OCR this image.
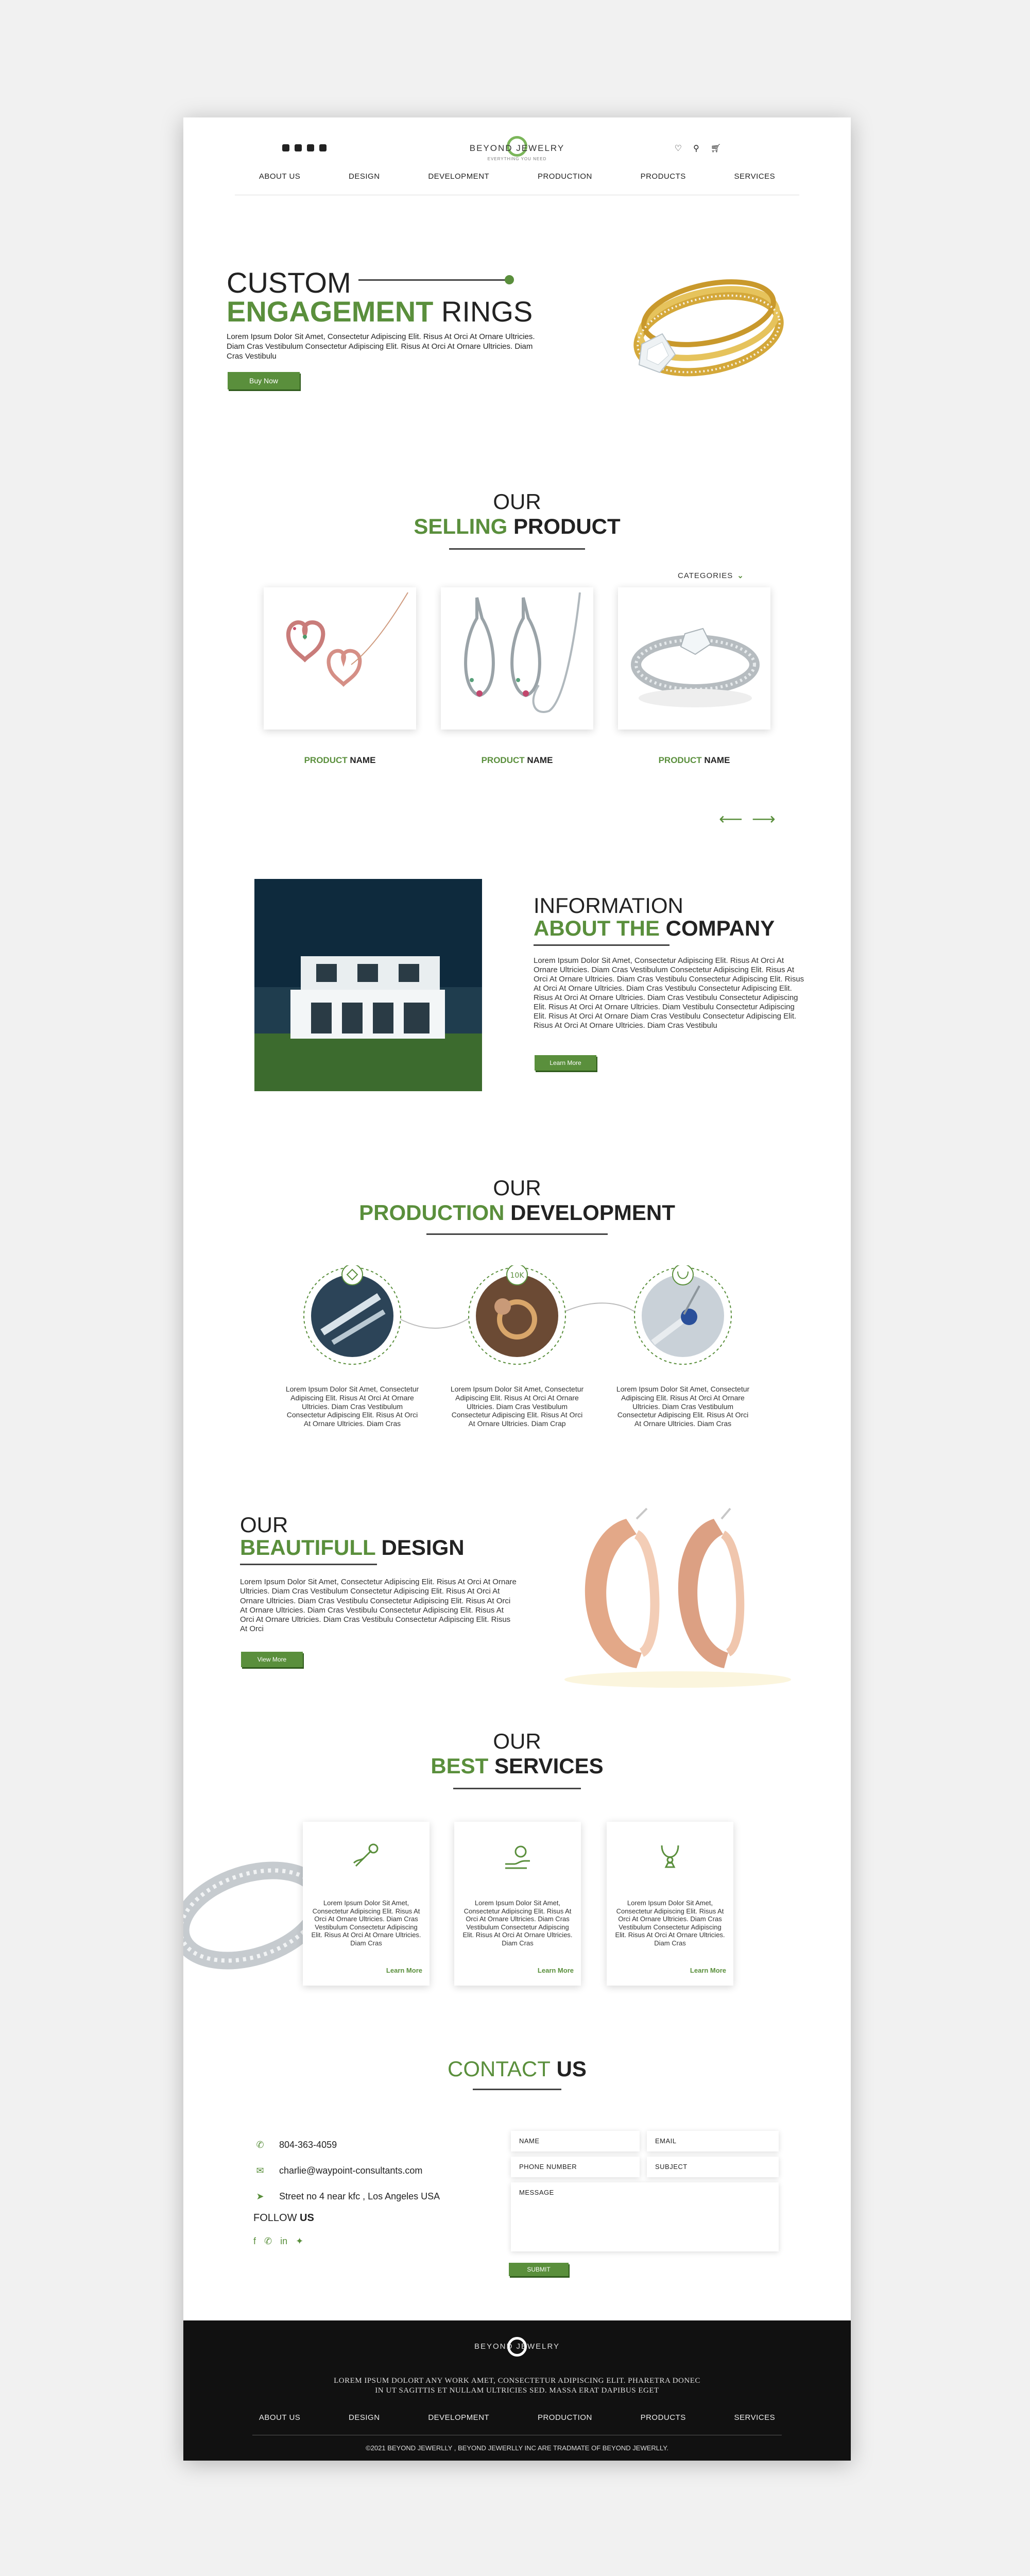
BEYOND JEWELRY
EVERYTHING YOU NEED
♡ ⚲ 🛒︎
ABOUT US	DESIGN	DEVELOPMENT	PRODUCTION	PRODUCTS	SERVICES
CUSTOM
ENGAGEMENT RINGS
Lorem Ipsum Dolor Sit Amet, Consectetur Adipiscing Elit. Risus At Orci At Ornare Ultricies. Diam Cras Vestibulum Consectetur Adipiscing Elit. Risus At Orci At Ornare Ultricies. Diam Cras Vestibulu
Buy Now
OUR
SELLING PRODUCT
CATEGORIES ⌄
PRODUCT NAME	PRODUCT NAME	PRODUCT NAME
⟵ ⟶
INFORMATION
ABOUT THE COMPANY
Lorem Ipsum Dolor Sit Amet, Consectetur Adipiscing Elit. Risus At Orci At Ornare Ultricies. Diam Cras Vestibulum Consectetur Adipiscing Elit. Risus At Orci At Ornare Ultricies. Diam Cras Vestibulu Consectetur Adipiscing Elit. Risus At Orci At Ornare Ultricies. Diam Cras Vestibulu Consectetur Adipiscing Elit. Risus At Orci At Ornare Ultricies. Diam Cras Vestibulu Consectetur Adipiscing Elit. Risus At Orci At Ornare Ultricies. Diam Vestibulu Consectetur Adipiscing Elit. Risus At Orci At Ornare Diam Cras Vestibulu Consectetur Adipiscing Elit. Risus At Orci At Ornare Ultricies. Diam Cras Vestibulu
Learn More
OUR
PRODUCTION DEVELOPMENT
10K
Lorem Ipsum Dolor Sit Amet, Consectetur Adipiscing Elit. Risus At Orci At Ornare Ultricies. Diam Cras Vestibulum Consectetur Adipiscing Elit. Risus At Orci At Ornare Ultricies. Diam Cras
Lorem Ipsum Dolor Sit Amet, Consectetur Adipiscing Elit. Risus At Orci At Ornare Ultricies. Diam Cras Vestibulum Consectetur Adipiscing Elit. Risus At Orci At Ornare Ultricies. Diam Crap
Lorem Ipsum Dolor Sit Amet, Consectetur Adipiscing Elit. Risus At Orci At Ornare Ultricies. Diam Cras Vestibulum Consectetur Adipiscing Elit. Risus At Orci At Ornare Ultricies. Diam Cras
OUR
BEAUTIFULL DESIGN
Lorem Ipsum Dolor Sit Amet, Consectetur Adipiscing Elit. Risus At Orci At Ornare Ultricies. Diam Cras Vestibulum Consectetur Adipiscing Elit. Risus At Orci At Ornare Ultricies. Diam Cras Vestibulu Consectetur Adipiscing Elit. Risus At Orci At Ornare Ultricies. Diam Cras Vestibulu Consectetur Adipiscing Elit. Risus At Orci At Ornare Ultricies. Diam Cras Vestibulu Consectetur Adipiscing Elit. Risus At Orci
View More
OUR
BEST SERVICES
Lorem Ipsum Dolor Sit Amet, Consectetur Adipiscing Elit. Risus At Orci At Ornare Ultricies. Diam Cras Vestibulum Consectetur Adipiscing Elit. Risus At Orci At Ornare Ultricies. Diam Cras
Learn More
Lorem Ipsum Dolor Sit Amet, Consectetur Adipiscing Elit. Risus At Orci At Ornare Ultricies. Diam Cras Vestibulum Consectetur Adipiscing Elit. Risus At Orci At Ornare Ultricies. Diam Cras
Learn More
Lorem Ipsum Dolor Sit Amet, Consectetur Adipiscing Elit. Risus At Orci At Ornare Ultricies. Diam Cras Vestibulum Consectetur Adipiscing Elit. Risus At Orci At Ornare Ultricies. Diam Cras
Learn More
CONTACT US
✆ 804-363-4059
✉ charlie@waypoint-consultants.com
➤ Street no 4 near kfc , Los Angeles USA
FOLLOW US
f ✆ in ✦
NAME	EMAIL
PHONE NUMBER	SUBJECT
MESSAGE
SUBMIT
BEYOND JEWELRY
LOREM IPSUM DOLORT ANY WORK AMET, CONSECTETUR ADIPISCING ELIT. PHARETRA DONEC
IN UT SAGITTIS ET NULLAM ULTRICIES SED. MASSA ERAT DAPIBUS EGET
ABOUT US	DESIGN	DEVELOPMENT	PRODUCTION	PRODUCTS	SERVICES
©2021 BEYOND JEWERLLY , BEYOND JEWERLLY INC ARE TRADMATE OF BEYOND JEWERLLY.
